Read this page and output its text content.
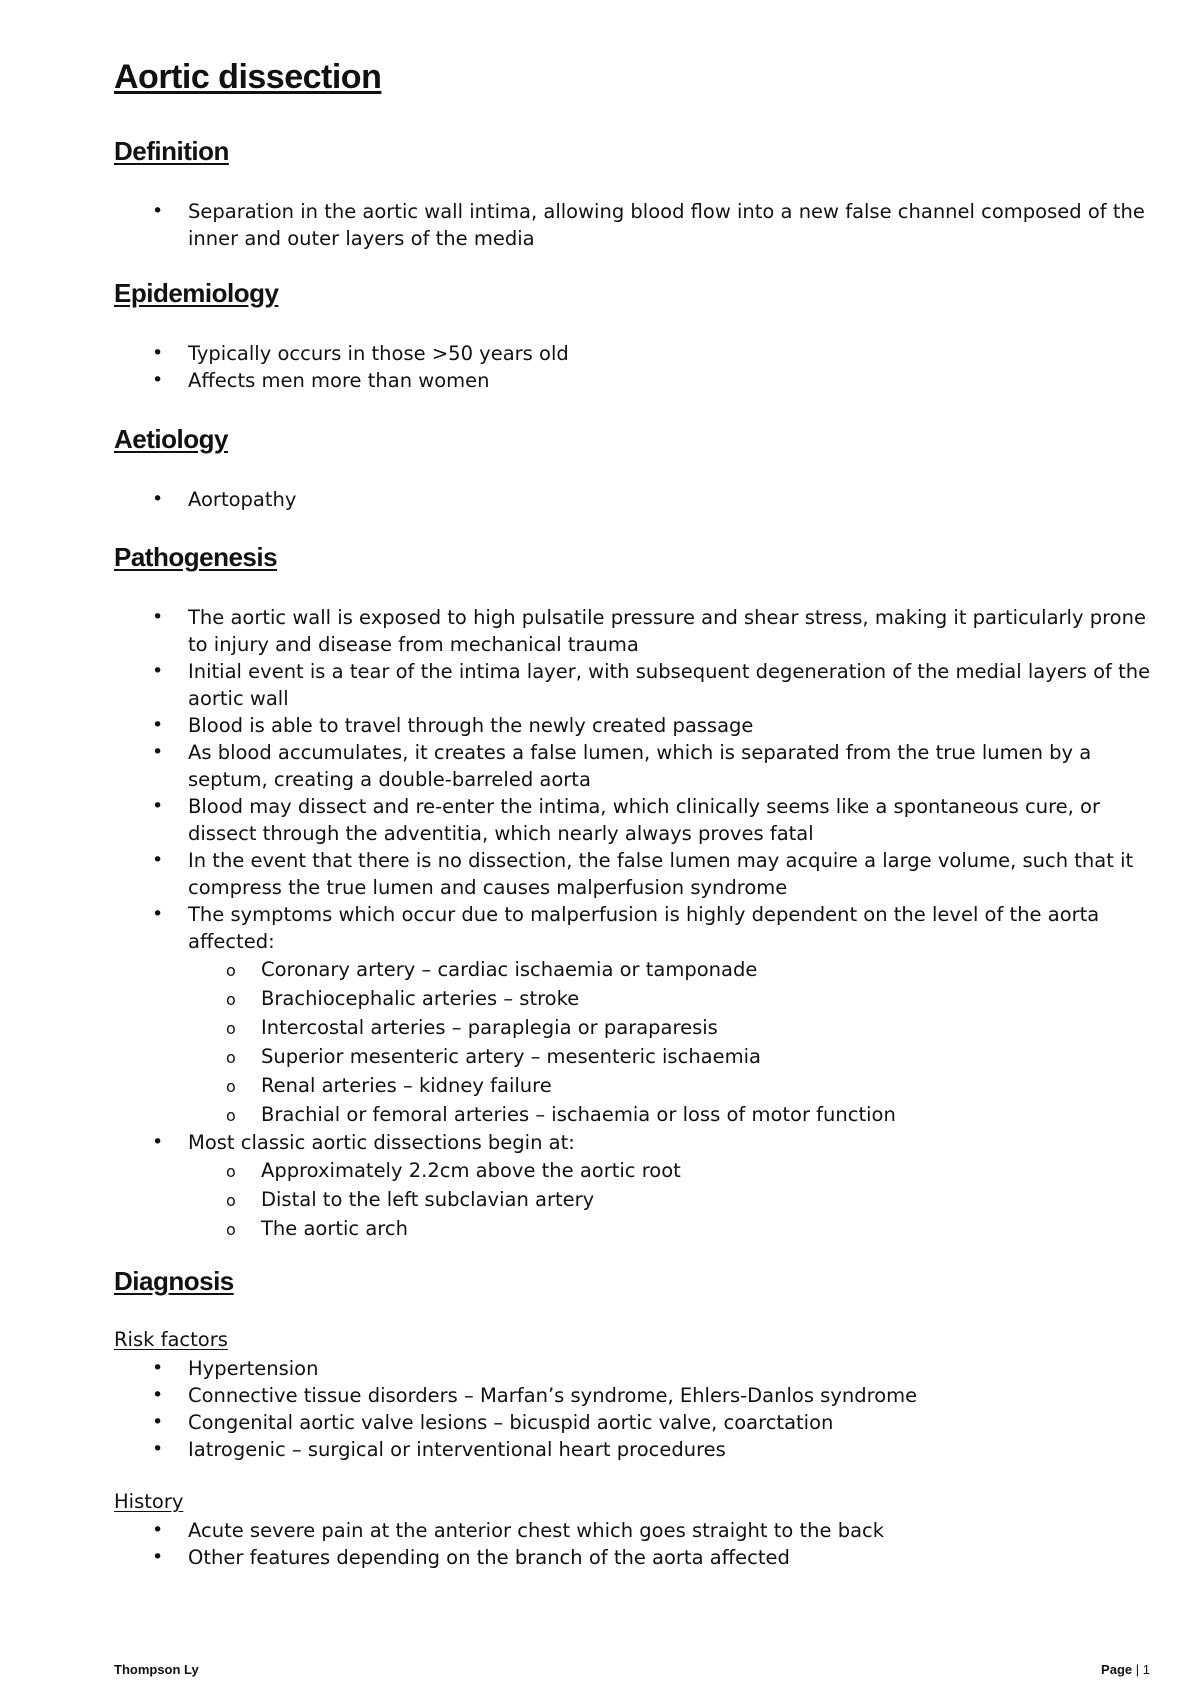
Aortic dissection
Definition
• Separation in the aortic wall intima, allowing blood flow into a new false channel composed of the inner and outer layers of the media
Epidemiology
• Typically occurs in those >50 years old
• Affects men more than women
Aetiology
• Aortopathy
Pathogenesis
• The aortic wall is exposed to high pulsatile pressure and shear stress, making it particularly prone to injury and disease from mechanical trauma
• Initial event is a tear of the intima layer, with subsequent degeneration of the medial layers of the aortic wall
• Blood is able to travel through the newly created passage
• As blood accumulates, it creates a false lumen, which is separated from the true lumen by a septum, creating a double-barreled aorta
• Blood may dissect and re-enter the intima, which clinically seems like a spontaneous cure, or dissect through the adventitia, which nearly always proves fatal
• In the event that there is no dissection, the false lumen may acquire a large volume, such that it compress the true lumen and causes malperfusion syndrome
• The symptoms which occur due to malperfusion is highly dependent on the level of the aorta affected:
o Coronary artery – cardiac ischaemia or tamponade
o Brachiocephalic arteries – stroke
o Intercostal arteries – paraplegia or paraparesis
o Superior mesenteric artery – mesenteric ischaemia
o Renal arteries – kidney failure
o Brachial or femoral arteries – ischaemia or loss of motor function
• Most classic aortic dissections begin at:
o Approximately 2.2cm above the aortic root
o Distal to the left subclavian artery
o The aortic arch
Diagnosis
Risk factors
• Hypertension
• Connective tissue disorders – Marfan’s syndrome, Ehlers-Danlos syndrome
• Congenital aortic valve lesions – bicuspid aortic valve, coarctation
• Iatrogenic – surgical or interventional heart procedures
History
• Acute severe pain at the anterior chest which goes straight to the back
• Other features depending on the branch of the aorta affected
Thompson Ly	Page | 1
